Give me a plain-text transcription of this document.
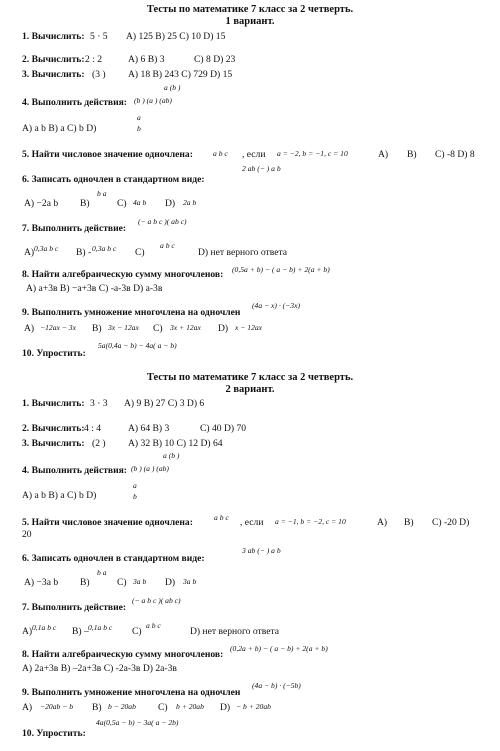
Тесты по математике 7 класс за 2 четверть.
1 вариант.
1. Вычислить: 5 · 5 A) 125 B) 25 C) 10 D) 15
2. Вычислить: 2 : 2	A) 6 B) 3	C) 8 D) 23
3. Вычислить: (3 ) A) 18 B) 243 C) 729 D) 15
a (b )
4. Выполнить действия: (b ) (a ) (ab)
A) a b B) a C) b D)
a
b
5. Найти числовое значение одночлена:	a b c , если a = −2, b = −1, c = 10	A) B) C) -8 D) 8
2 ab (− ) a b
6. Записать одночлен в стандартном виде:
A) −2a b B)
b a
C) 4a b D) 2a b
7. Выполнить действие:
(− a b c )( ab c)
A) 0,3a b c B) - 0,3a b c C)
a b c
D) нет верного ответа
8. Найти алгебраическую сумму многочленов: (0,5a + b) − ( a − b) + 2(a + b)
A) a+3в B) −a+3в C) -a-3в D) a-3в
9. Выполнить умножение многочлена на одночлен
(4a − x) · (−3x)
A) −12ax − 3x B) 3x − 12ax C) 3x + 12ax D) x − 12ax
5a(0,4a − b) − 4a( a − b)
10. Упростить:
Тесты по математике 7 класс за 2 четверть.
2 вариант.
1. Вычислить: 3 · 3 A) 9 B) 27 C) 3 D) 6
2. Вычислить: 4 : 4	A) 64 B) 3	C) 40 D) 70
3. Вычислить: (2 ) A) 32 B) 10 C) 12 D) 64
a (b )
4. Выполнить действия: (b ) (a ) (ab)
A) a b B) a C) b D)
a
b
5. Найти числовое значение одночлена:	a b c , если a = −1, b = −2, c = 10	A) B) C) -20 D)
20
3 ab (− ) a b
6. Записать одночлен в стандартном виде:
A) −3a b B)
b a
C) 3a b D) 3a b
7. Выполнить действие:
(− a b c )( ab c)
A) 0,1a b c B) – 0,1a b c C)
a b c
D) нет верного ответа
8. Найти алгебраическую сумму многочленов:
(0,2a + b) − ( a − b) + 2(a + b)
A) 2a+3в B) –2a+3в C) -2a-3в D) 2a-3в
9. Выполнить умножение многочлена на одночлен
(4a − b) · (−5b)
A) −20ab − b B) b − 20ab C) b + 20ab D) − b + 20ab
4a(0,5a − b) − 3a( a − 2b)
10. Упростить:
